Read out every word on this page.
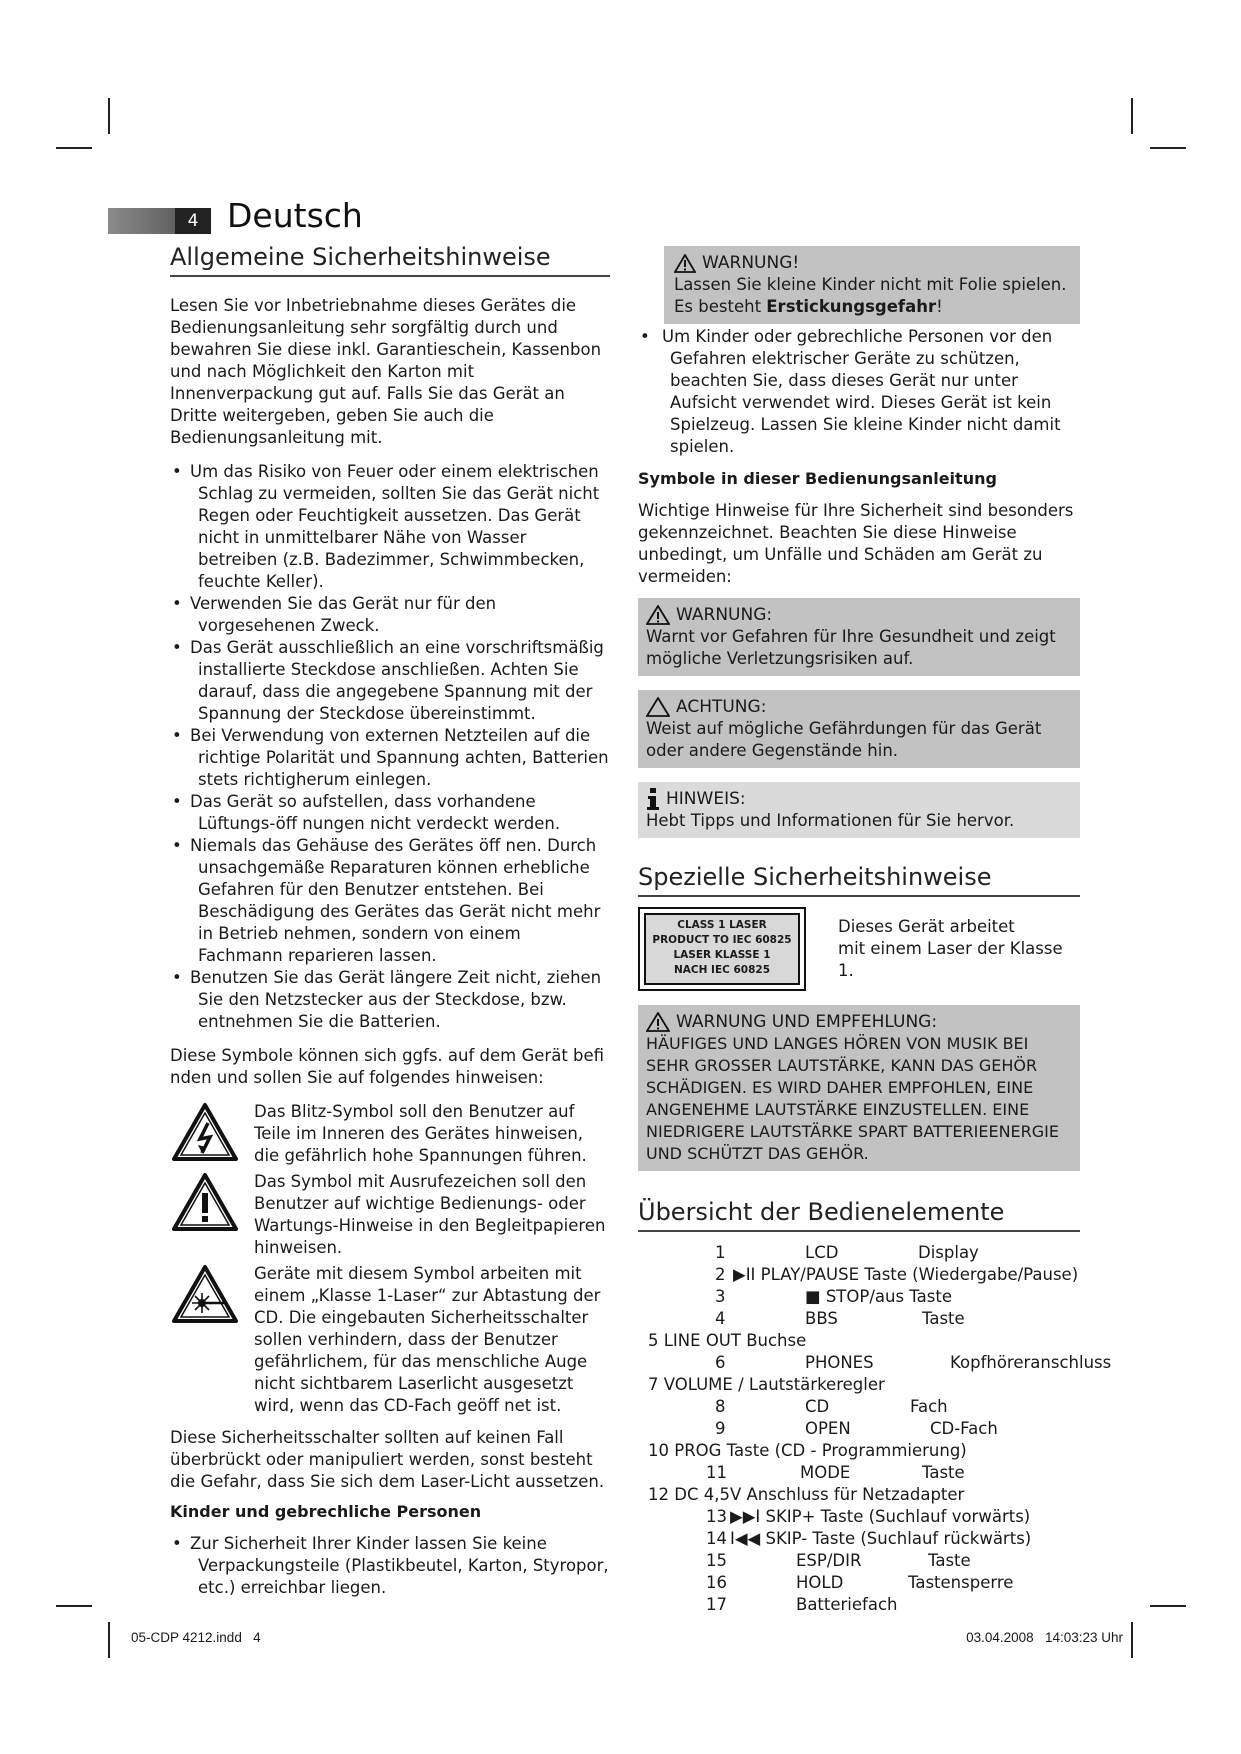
4 Deutsch
Allgemeine Sicherheitshinweise

Lesen Sie vor Inbetriebnahme dieses Gerätes die Bedienungsanleitung sehr sorgfältig durch und bewahren Sie diese inkl. Garantieschein, Kassenbon und nach Möglichkeit den Karton mit Innenverpackung gut auf. Falls Sie das Gerät an Dritte weitergeben, geben Sie auch die Bedienungsanleitung mit.

• Um das Risiko von Feuer oder einem elektrischen Schlag zu vermeiden, sollten Sie das Gerät nicht Regen oder Feuchtigkeit aussetzen. Das Gerät nicht in unmittelbarer Nähe von Wasser betreiben (z.B. Badezimmer, Schwimmbecken, feuchte Keller).
• Verwenden Sie das Gerät nur für den vorgesehenen Zweck.
• Das Gerät ausschließlich an eine vorschriftsmäßig installierte Steckdose anschließen. Achten Sie darauf, dass die angegebene Spannung mit der Spannung der Steckdose übereinstimmt.
• Bei Verwendung von externen Netzteilen auf die richtige Polarität und Spannung achten, Batterien stets richtigherum einlegen.
• Das Gerät so aufstellen, dass vorhandene Lüftungs-öff nungen nicht verdeckt werden.
• Niemals das Gehäuse des Gerätes öff nen. Durch unsachgemäße Reparaturen können erhebliche Gefahren für den Benutzer entstehen. Bei Beschädigung des Gerätes das Gerät nicht mehr in Betrieb nehmen, sondern von einem Fachmann reparieren lassen.
• Benutzen Sie das Gerät längere Zeit nicht, ziehen Sie den Netzstecker aus der Steckdose, bzw. entnehmen Sie die Batterien.

Diese Symbole können sich ggfs. auf dem Gerät befi nden und sollen Sie auf folgendes hinweisen:

Das Blitz-Symbol soll den Benutzer auf Teile im Inneren des Gerätes hinweisen, die gefährlich hohe Spannungen führen.

Das Symbol mit Ausrufezeichen soll den Benutzer auf wichtige Bedienungs- oder Wartungs-Hinweise in den Begleitpapieren hinweisen.

Geräte mit diesem Symbol arbeiten mit einem „Klasse 1-Laser“ zur Abtastung der CD. Die eingebauten Sicherheitsschalter sollen verhindern, dass der Benutzer gefährlichem, für das menschliche Auge nicht sichtbarem Laserlicht ausgesetzt wird, wenn das CD-Fach geöff net ist.

Diese Sicherheitsschalter sollten auf keinen Fall überbrückt oder manipuliert werden, sonst besteht die Gefahr, dass Sie sich dem Laser-Licht aussetzen.

Kinder und gebrechliche Personen

• Zur Sicherheit Ihrer Kinder lassen Sie keine Verpackungsteile (Plastikbeutel, Karton, Styropor, etc.) erreichbar liegen.
WARNUNG!

Lassen Sie kleine Kinder nicht mit Folie spielen.

Es besteht Erstickungsgefahr!

• Um Kinder oder gebrechliche Personen vor den Gefahren elektrischer Geräte zu schützen, beachten Sie, dass dieses Gerät nur unter Aufsicht verwendet wird. Dieses Gerät ist kein Spielzeug. Lassen Sie kleine Kinder nicht damit spielen.

Symbole in dieser Bedienungsanleitung

Wichtige Hinweise für Ihre Sicherheit sind besonders gekennzeichnet. Beachten Sie diese Hinweise unbedingt, um Unfälle und Schäden am Gerät zu vermeiden:

WARNUNG:

Warnt vor Gefahren für Ihre Gesundheit und zeigt mögliche Verletzungsrisiken auf.

ACHTUNG:

Weist auf mögliche Gefährdungen für das Gerät oder andere Gegenstände hin.

HINWEIS:

Hebt Tipps und Informationen für Sie hervor.

Spezielle Sicherheitshinweise
CLASS 1 LASER
PRODUCT TO IEC 60825
LASER KLASSE 1
NACH IEC 60825

Dieses Gerät arbeitet
mit einem Laser der Klasse 1.

WARNUNG UND EMPFEHLUNG:

HÄUFIGES UND LANGES HÖREN VON MUSIK BEI SEHR GROSSER LAUTSTÄRKE, KANN DAS GEHÖR SCHÄDIGEN. ES WIRD DAHER EMPFOHLEN, EINE ANGENEHME LAUTSTÄRKE EINZUSTELLEN. EINE NIEDRIGERE LAUTSTÄRKE SPART BATTERIEENERGIE UND SCHÜTZT DAS GEHÖR.

Übersicht der Bedienelemente
1	LCD	Display
2 ▶II PLAY/PAUSE Taste (Wiedergabe/Pause)
3	■ STOP/aus Taste
4	BBS	Taste
5 LINE OUT Buchse
6	PHONES	Kopfhöreranschluss
7 VOLUME / Lautstärkeregler
8	CD	Fach
9	OPEN	CD-Fach
10 PROG Taste (CD - Programmierung)
11	MODE	Taste
12 DC 4,5V Anschluss für Netzadapter
13 ▶▶I SKIP+ Taste (Suchlauf vorwärts)
14 I◀◀ SKIP- Taste (Suchlauf rückwärts)
15	ESP/DIR	Taste
16	HOLD	Tastensperre
17	Batteriefach
05-CDP 4212.indd   4	03.04.2008   14:03:23 Uhr
